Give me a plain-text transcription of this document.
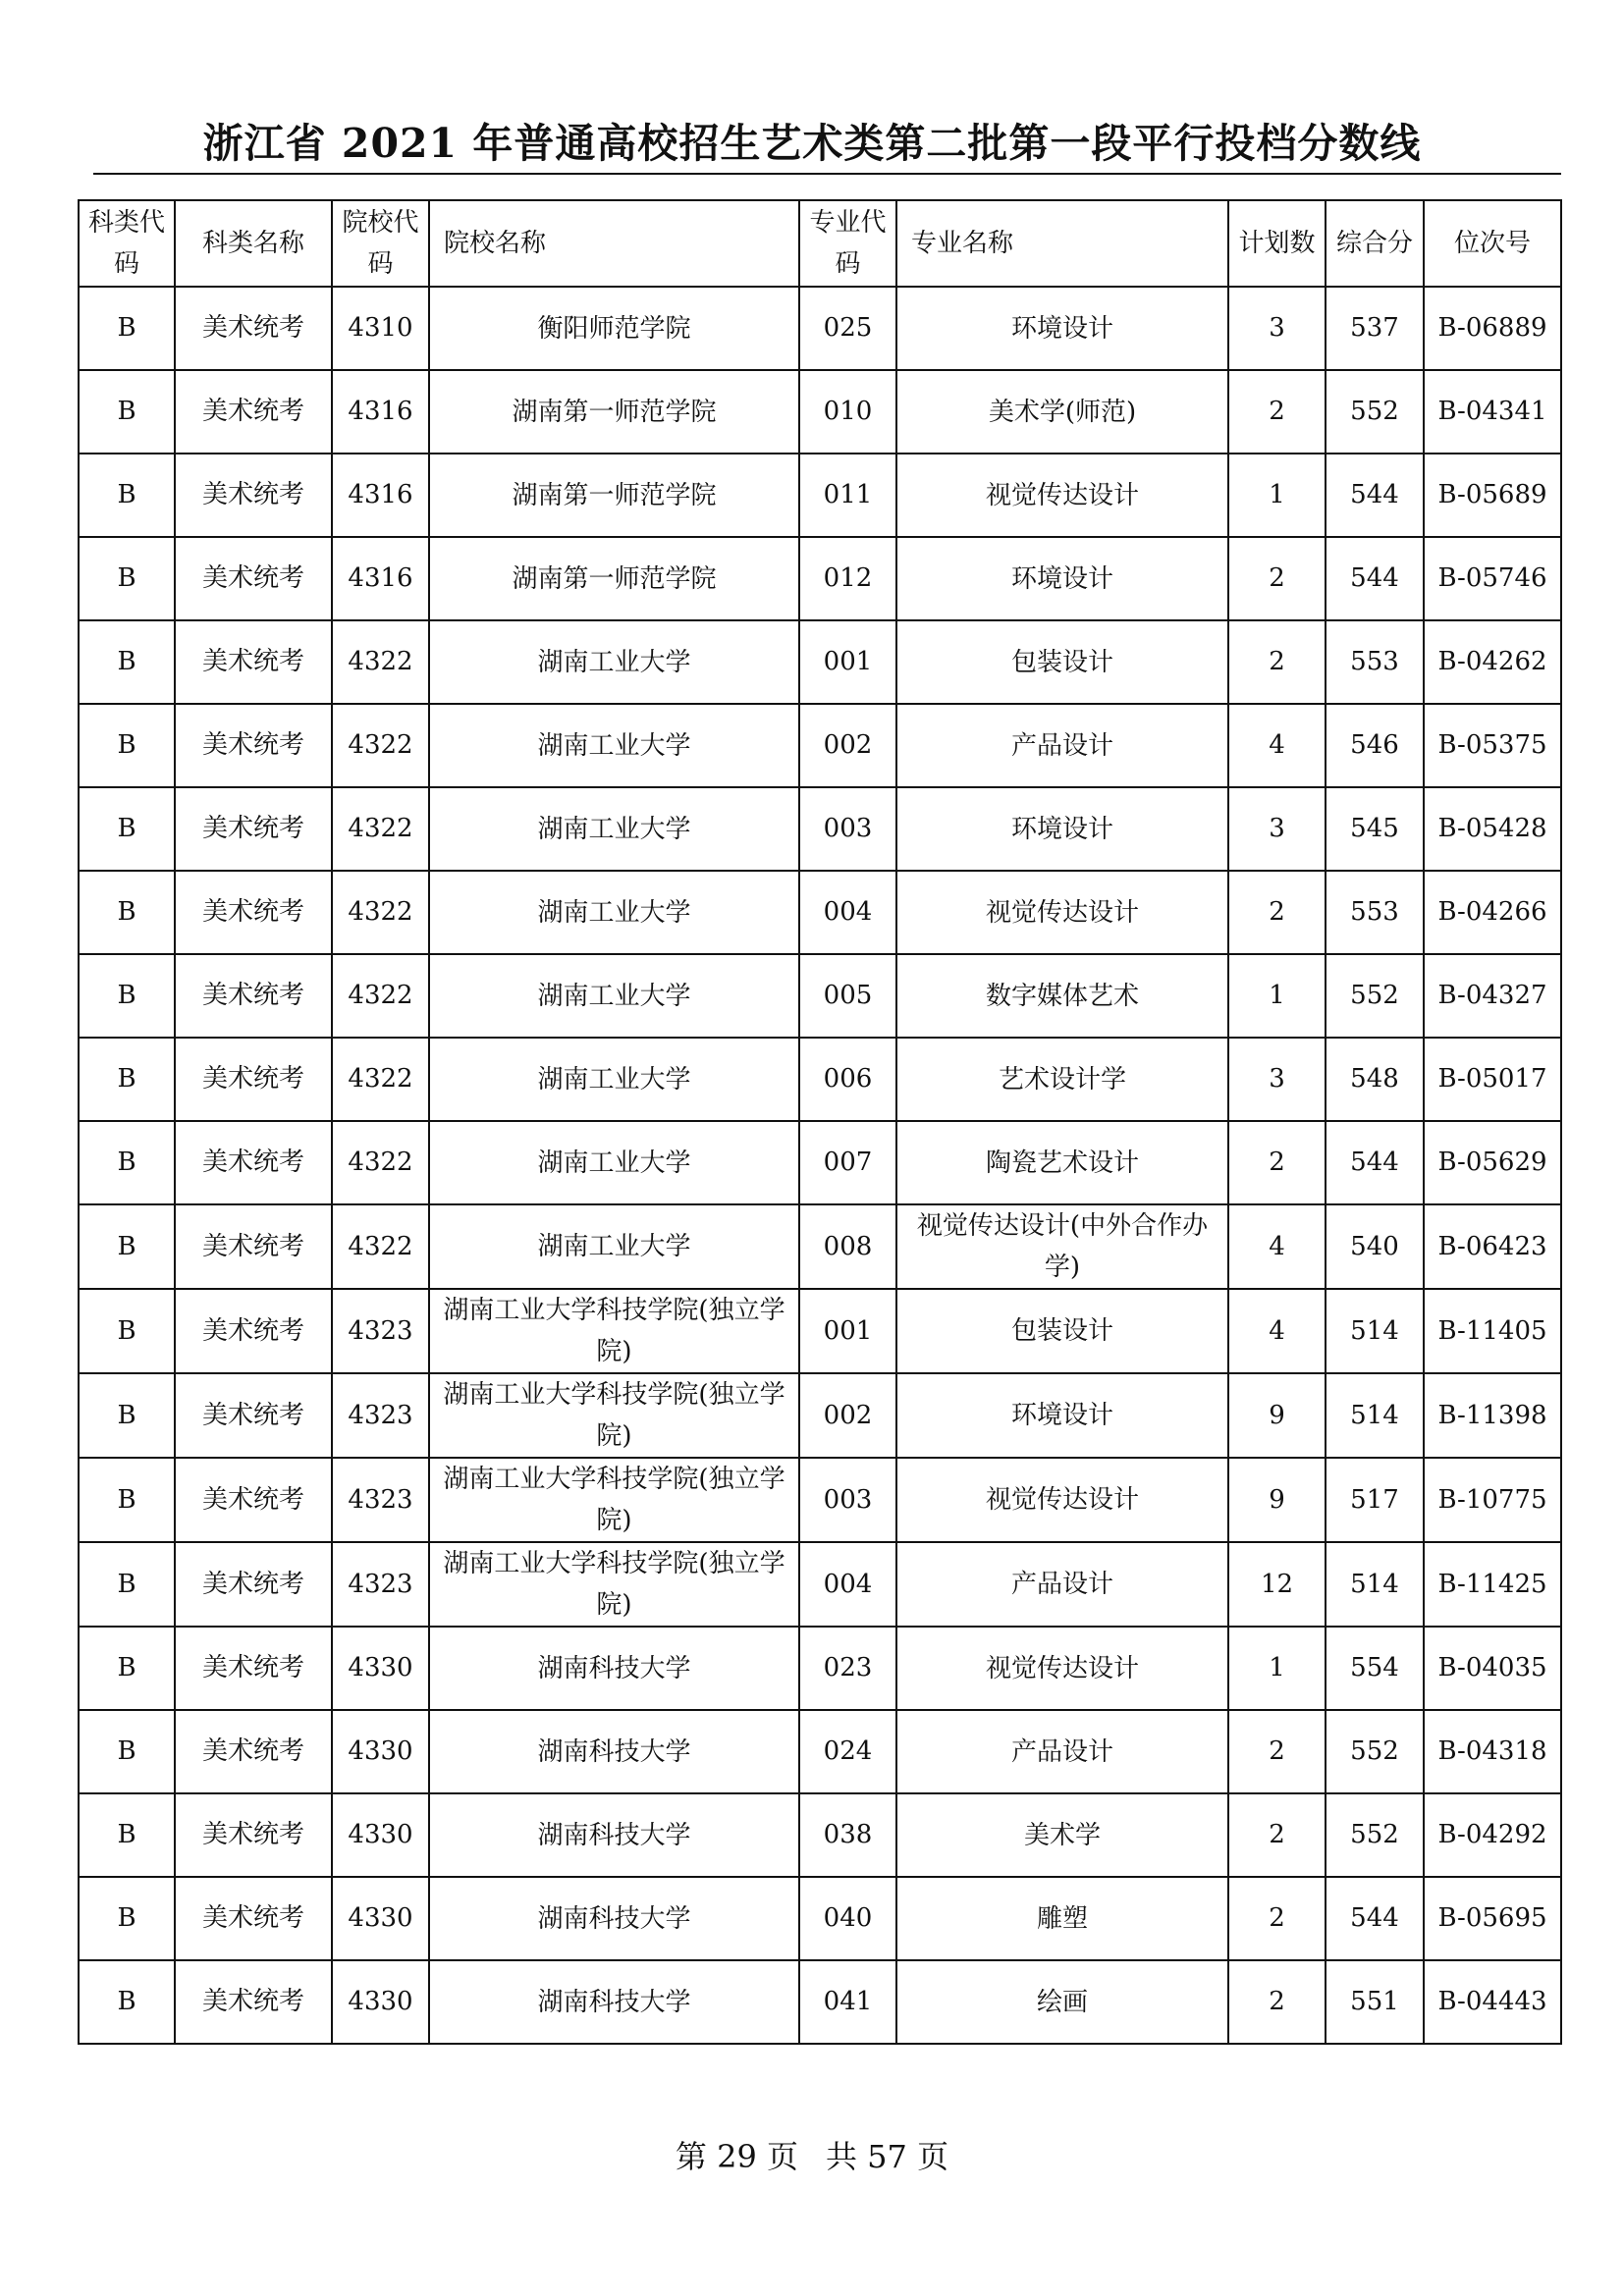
浙江省 2021 年普通高校招生艺术类第二批第一段平行投档分数线
科类代码	科类名称	院校代码	院校名称	专业代码	专业名称	计划数	综合分	位次号
B	美术统考	4310	衡阳师范学院	025	环境设计	3	537	B-06889
B	美术统考	4316	湖南第一师范学院	010	美术学(师范)	2	552	B-04341
B	美术统考	4316	湖南第一师范学院	011	视觉传达设计	1	544	B-05689
B	美术统考	4316	湖南第一师范学院	012	环境设计	2	544	B-05746
B	美术统考	4322	湖南工业大学	001	包装设计	2	553	B-04262
B	美术统考	4322	湖南工业大学	002	产品设计	4	546	B-05375
B	美术统考	4322	湖南工业大学	003	环境设计	3	545	B-05428
B	美术统考	4322	湖南工业大学	004	视觉传达设计	2	553	B-04266
B	美术统考	4322	湖南工业大学	005	数字媒体艺术	1	552	B-04327
B	美术统考	4322	湖南工业大学	006	艺术设计学	3	548	B-05017
B	美术统考	4322	湖南工业大学	007	陶瓷艺术设计	2	544	B-05629
B	美术统考	4322	湖南工业大学	008	视觉传达设计(中外合作办学)	4	540	B-06423
B	美术统考	4323	湖南工业大学科技学院(独立学院)	001	包装设计	4	514	B-11405
B	美术统考	4323	湖南工业大学科技学院(独立学院)	002	环境设计	9	514	B-11398
B	美术统考	4323	湖南工业大学科技学院(独立学院)	003	视觉传达设计	9	517	B-10775
B	美术统考	4323	湖南工业大学科技学院(独立学院)	004	产品设计	12	514	B-11425
B	美术统考	4330	湖南科技大学	023	视觉传达设计	1	554	B-04035
B	美术统考	4330	湖南科技大学	024	产品设计	2	552	B-04318
B	美术统考	4330	湖南科技大学	038	美术学	2	552	B-04292
B	美术统考	4330	湖南科技大学	040	雕塑	2	544	B-05695
B	美术统考	4330	湖南科技大学	041	绘画	2	551	B-04443
第 29 页 共 57 页
